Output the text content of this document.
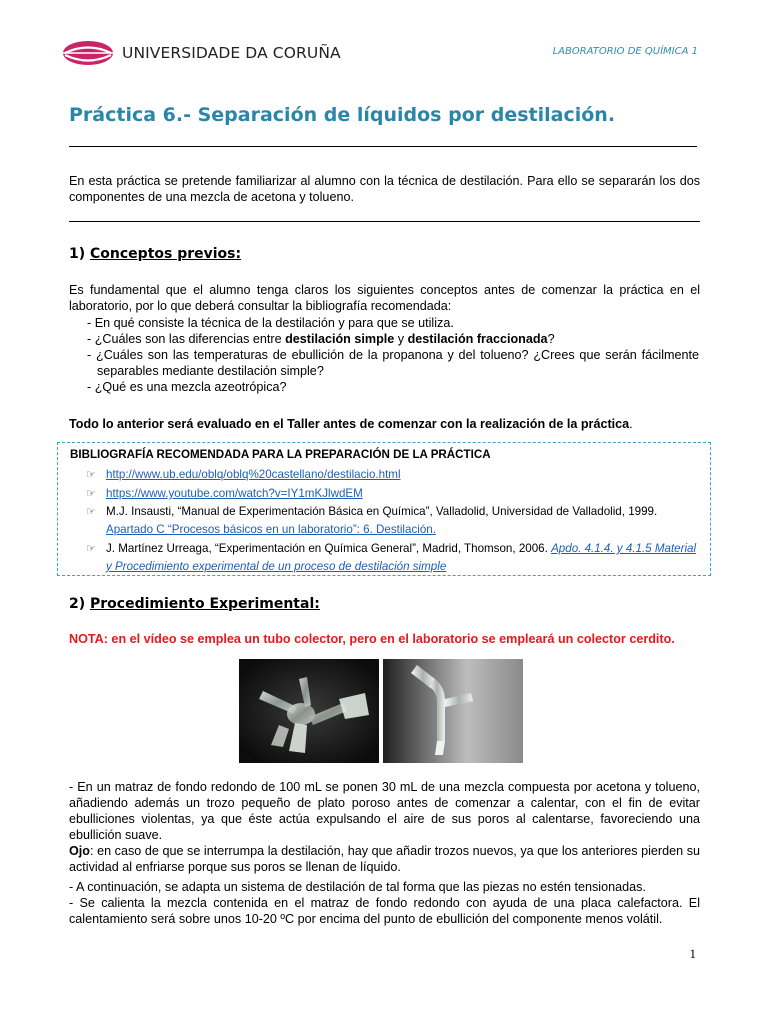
UNIVERSIDADE DA CORUÑA	LABORATORIO DE QUÍMICA 1
Práctica 6.- Separación de líquidos por destilación.
En esta práctica se pretende familiarizar al alumno con la técnica de destilación. Para ello se separarán los dos componentes de una mezcla de acetona y tolueno.
1) Conceptos previos:
Es fundamental que el alumno tenga claros los siguientes conceptos antes de comenzar la práctica en el laboratorio, por lo que deberá consultar la bibliografía recomendada:
- En qué consiste la técnica de la destilación y para que se utiliza.
- ¿Cuáles son las diferencias entre destilación simple y destilación fraccionada?
- ¿Cuáles son las temperaturas de ebullición de la propanona y del tolueno? ¿Crees que serán fácilmente separables mediante destilación simple?
- ¿Qué es una mezcla azeotrópica?
Todo lo anterior será evaluado en el Taller antes de comenzar con la realización de la práctica.
BIBLIOGRAFÍA RECOMENDADA PARA LA PREPARACIÓN DE LA PRÁCTICA
☞ http://www.ub.edu/oblq/oblq%20castellano/destilacio.html
☞ https://www.youtube.com/watch?v=IY1mKJlwdEM
☞ M.J. Insausti, “Manual de Experimentación Básica en Química”, Valladolid, Universidad de Valladolid, 1999.
Apartado C “Procesos básicos en un laboratorio”: 6. Destilación.
☞ J. Martínez Urreaga, “Experimentación en Química General”, Madrid, Thomson, 2006. Apdo. 4.1.4. y 4.1.5 Material
y Procedimiento experimental de un proceso de destilación simple
2) Procedimiento Experimental:
NOTA: en el vídeo se emplea un tubo colector, pero en el laboratorio se empleará un colector cerdito.
- En un matraz de fondo redondo de 100 mL se ponen 30 mL de una mezcla compuesta por acetona y tolueno, añadiendo además un trozo pequeño de plato poroso antes de comenzar a calentar, con el fin de evitar ebulliciones violentas, ya que éste actúa expulsando el aire de sus poros al calentarse, favoreciendo una ebullición suave.
Ojo: en caso de que se interrumpa la destilación, hay que añadir trozos nuevos, ya que los anteriores pierden su actividad al enfriarse porque sus poros se llenan de líquido.
- A continuación, se adapta un sistema de destilación de tal forma que las piezas no estén tensionadas.
- Se calienta la mezcla contenida en el matraz de fondo redondo con ayuda de una placa calefactora. El calentamiento será sobre unos 10-20 ºC por encima del punto de ebullición del componente menos volátil.
1
